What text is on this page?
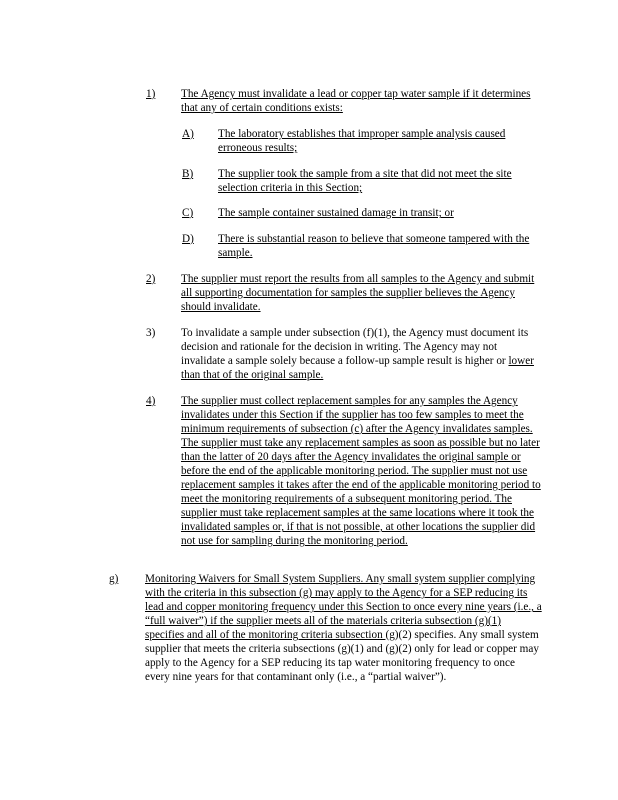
1)	The Agency must invalidate a lead or copper tap water sample if it determines that any of certain conditions exists:
A)	The laboratory establishes that improper sample analysis caused erroneous results;
B)	The supplier took the sample from a site that did not meet the site selection criteria in this Section;
C)	The sample container sustained damage in transit; or
D)	There is substantial reason to believe that someone tampered with the sample.
2)	The supplier must report the results from all samples to the Agency and submit all supporting documentation for samples the supplier believes the Agency should invalidate.
3)	To invalidate a sample under subsection (f)(1), the Agency must document its decision and rationale for the decision in writing. The Agency may not invalidate a sample solely because a follow-up sample result is higher or lower than that of the original sample.
4)	The supplier must collect replacement samples for any samples the Agency invalidates under this Section if the supplier has too few samples to meet the minimum requirements of subsection (c) after the Agency invalidates samples. The supplier must take any replacement samples as soon as possible but no later than the latter of 20 days after the Agency invalidates the original sample or before the end of the applicable monitoring period. The supplier must not use replacement samples it takes after the end of the applicable monitoring period to meet the monitoring requirements of a subsequent monitoring period. The supplier must take replacement samples at the same locations where it took the invalidated samples or, if that is not possible, at other locations the supplier did not use for sampling during the monitoring period.
g)	Monitoring Waivers for Small System Suppliers. Any small system supplier complying with the criteria in this subsection (g) may apply to the Agency for a SEP reducing its lead and copper monitoring frequency under this Section to once every nine years (i.e., a “full waiver”) if the supplier meets all of the materials criteria subsection (g)(1) specifies and all of the monitoring criteria subsection (g)(2) specifies. Any small system supplier that meets the criteria subsections (g)(1) and (g)(2) only for lead or copper may apply to the Agency for a SEP reducing its tap water monitoring frequency to once every nine years for that contaminant only (i.e., a “partial waiver”).
